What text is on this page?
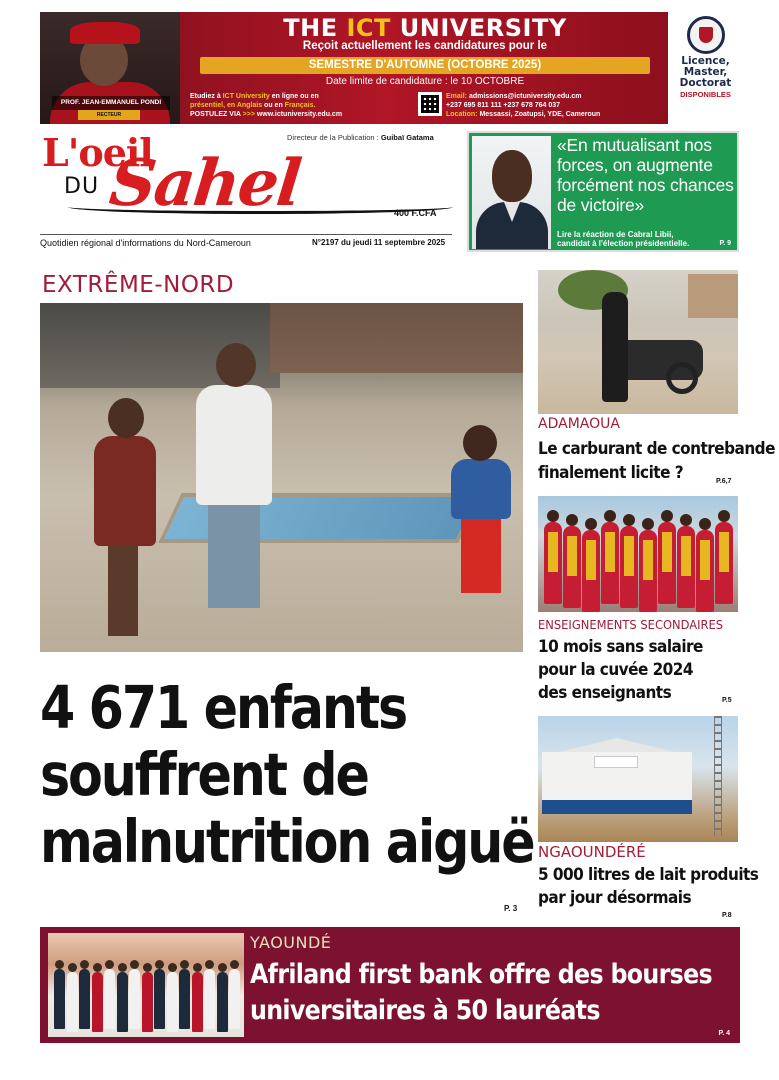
PROF. JEAN-EMMANUEL PONDI
RECTEUR
THE ICT UNIVERSITY
Reçoit actuellement les candidatures pour le
SEMESTRE D'AUTOMNE (OCTOBRE 2025)
Date limite de candidature : le 10 OCTOBRE
Etudiez à ICT University en ligne ou en
présentiel, en Anglais ou en Français.
POSTULEZ VIA >>> www.ictuniversity.edu.cm
Email: admissions@ictuniversity.edu.cm
+237 695 811 111 +237 678 764 037
Location: Messassi, Zoatupsi, YDE, Cameroun
Licence,
Master,
Doctorat
DISPONIBLES
Directeur de la Publication : Guibaï Gatama
L'oeil
DU Sahel	400 F.CFA
Quotidien régional d'informations du Nord-Cameroun	N°2197 du jeudi 11 septembre 2025
«En mutualisant nos forces, on augmente forcément nos chances de victoire»
Lire la réaction de Cabral Libii, candidat à l'élection présidentielle.	P. 9
EXTRÊME-NORD
4 671 enfants
souffrent de
malnutrition aiguë
P. 3
ADAMAOUA
Le carburant de contrebande
finalement licite ?	P.6,7
ENSEIGNEMENTS SECONDAIRES
10 mois sans salaire
pour la cuvée 2024
des enseignants	P.5
NGAOUNDÉRÉ
5 000 litres de lait produits
par jour désormais
P.8
YAOUNDÉ
Afriland first bank offre des bourses
universitaires à 50 lauréats
P. 4
